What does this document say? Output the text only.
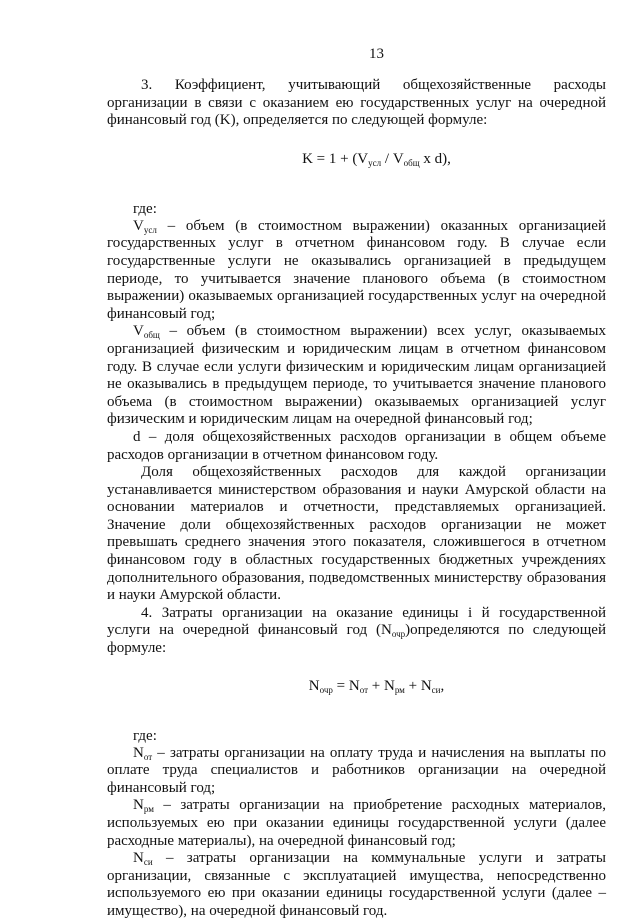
13

3. Коэффициент, учитывающий общехозяйственные расходы организации в связи с оказанием ею государственных услуг на очередной финансовый год (K), определяется по следующей формуле:

$K = 1 + (V_{усл} / V_{общ}$ x d),

где:

$V_{усл}$ – объем (в стоимостном выражении) оказанных организацией государственных услуг в отчетном финансовом году. В случае если государственные услуги не оказывались организацией в предыдущем периоде, то учитывается значение планового объема (в стоимостном выражении) оказываемых организацией государственных услуг на очередной финансовый год;

$V_{общ}$ – объем (в стоимостном выражении) всех услуг, оказываемых организацией физическим и юридическим лицам в отчетном финансовом году. В случае если услуги физическим и юридическим лицам организацией не оказывались в предыдущем периоде, то учитывается значение планового объема (в стоимостном выражении) оказываемых организацией услуг физическим и юридическим лицам на очередной финансовый год;

d – доля общехозяйственных расходов организации в общем объеме расходов организации в отчетном финансовом году.

Доля общехозяйственных расходов для каждой организации устанавливается министерством образования и науки Амурской области на основании материалов и отчетности, представляемых организацией. Значение доли общехозяйственных расходов организации не может превышать среднего значения этого показателя, сложившегося в отчетном финансовом году в областных государственных бюджетных учреждениях дополнительного образования, подведомственных министерству образования и науки Амурской области.

4. Затраты организации на оказание единицы i й государственной услуги на очередной финансовый год $(N_{очр})определяются$ по следующей формуле:

$N_{очр} = N_{от} + N_{рм} + N_{си}$,

где:

$N_{от}$ – затраты организации на оплату труда и начисления на выплаты по оплате труда специалистов и работников организации на очередной финансовый год;

$N_{рм}$ – затраты организации на приобретение расходных материалов, используемых ею при оказании единицы государственной услуги (далее расходные материалы), на очередной финансовый год;

$N_{си}$ – затраты организации на коммунальные услуги и затраты организации, связанные с эксплуатацией имущества, непосредственно используемого ею при оказании единицы государственной услуги (далее – имущество), на очередной финансовый год.
